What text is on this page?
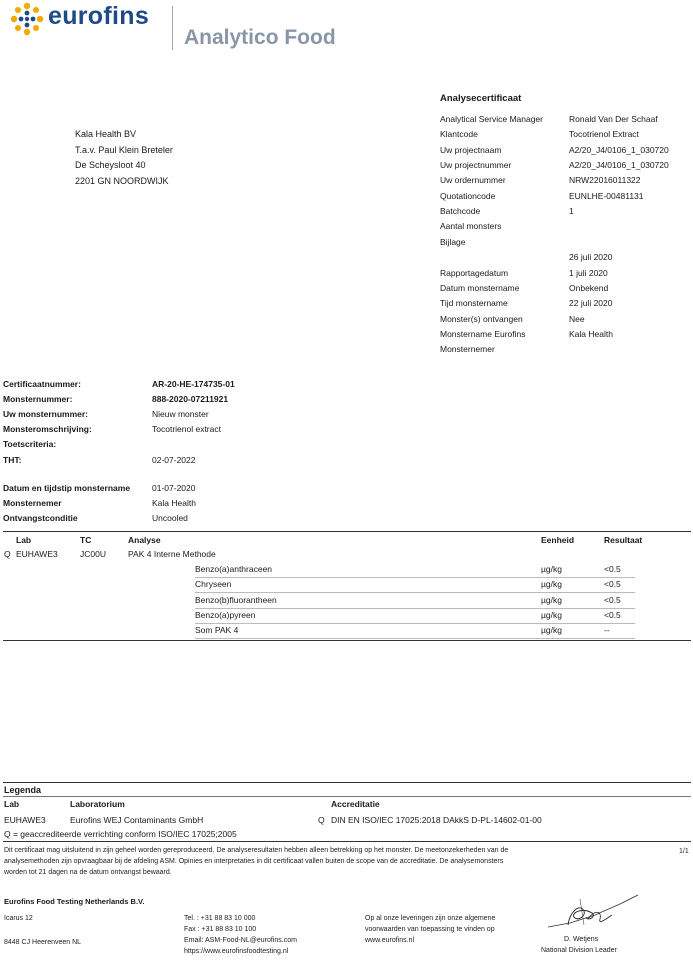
eurofins
Analytico Food
Kala Health BV
T.a.v. Paul Klein Breteler
De Scheysloot 40
2201 GN NOORDWIJK
Analysecertificaat
Analytical Service Manager	Ronald Van Der Schaaf
Klantcode	Tocotrienol Extract
Uw projectnaam	A2/20_J4/0106_1_030720
Uw projectnummer	A2/20_J4/0106_1_030720
Uw ordernummer	NRW22016011322
Quotationcode	EUNLHE-00481131
Batchcode	1
Aantal monsters
Bijlage
26 juli 2020
Rapportagedatum	1 juli 2020
Datum monstername	Onbekend
Tijd monstername	22 juli 2020
Monster(s) ontvangen	Nee
Monstername Eurofins	Kala Health
Monsternemer
Certificaatnummer:	AR-20-HE-174735-01
Monsternummer:	888-2020-07211921
Uw monsternummer:	Nieuw monster
Monsteromschrijving:	Tocotrienol extract
Toetscriteria:
THT:	02-07-2022
Datum en tijdstip monstername	01-07-2020
Monsternemer	Kala Health
Ontvangstconditie	Uncooled
Lab	TC	Analyse	Eenheid	Resultaat
Q EUHAWE3	JC00U	PAK 4 Interne Methode
Benzo(a)anthraceen	µg/kg	<0.5
Chryseen	µg/kg	<0.5
Benzo(b)fluorantheen	µg/kg	<0.5
Benzo(a)pyreen	µg/kg	<0.5
Som PAK 4	µg/kg	--
Legenda
Lab	Laboratorium	Accreditatie
EUHAWE3	Eurofins WEJ Contaminants GmbH	Q DIN EN ISO/IEC 17025:2018 DAkkS D-PL-14602-01-00
Q = geaccrediteerde verrichting conform ISO/IEC 17025;2005
Dit certificaat mag uitsluitend in zijn geheel worden gereproduceerd. De analyseresultaten hebben alleen betrekking op het monster. De meetonzekerheden van de
analysemethoden zijn opvraagbaar bij de afdeling ASM. Opinies en interpretaties in dit certificaat vallen buiten de scope van de accreditatie. De analysemonsters
worden tot 21 dagen na de datum ontvangst bewaard.
1/1
Eurofins Food Testing Netherlands B.V.
Icarus 12
8448 CJ Heerenveen NL
Tel. : +31 88 83 10 000
Fax : +31 88 83 10 100
Email: ASM-Food-NL@eurofins.com
https://www.eurofinsfoodtesting.nl
Op al onze leveringen zijn onze algemene
voorwaarden van toepassing te vinden op
www.eurofins.nl	D. Wetjens
National Division Leader
